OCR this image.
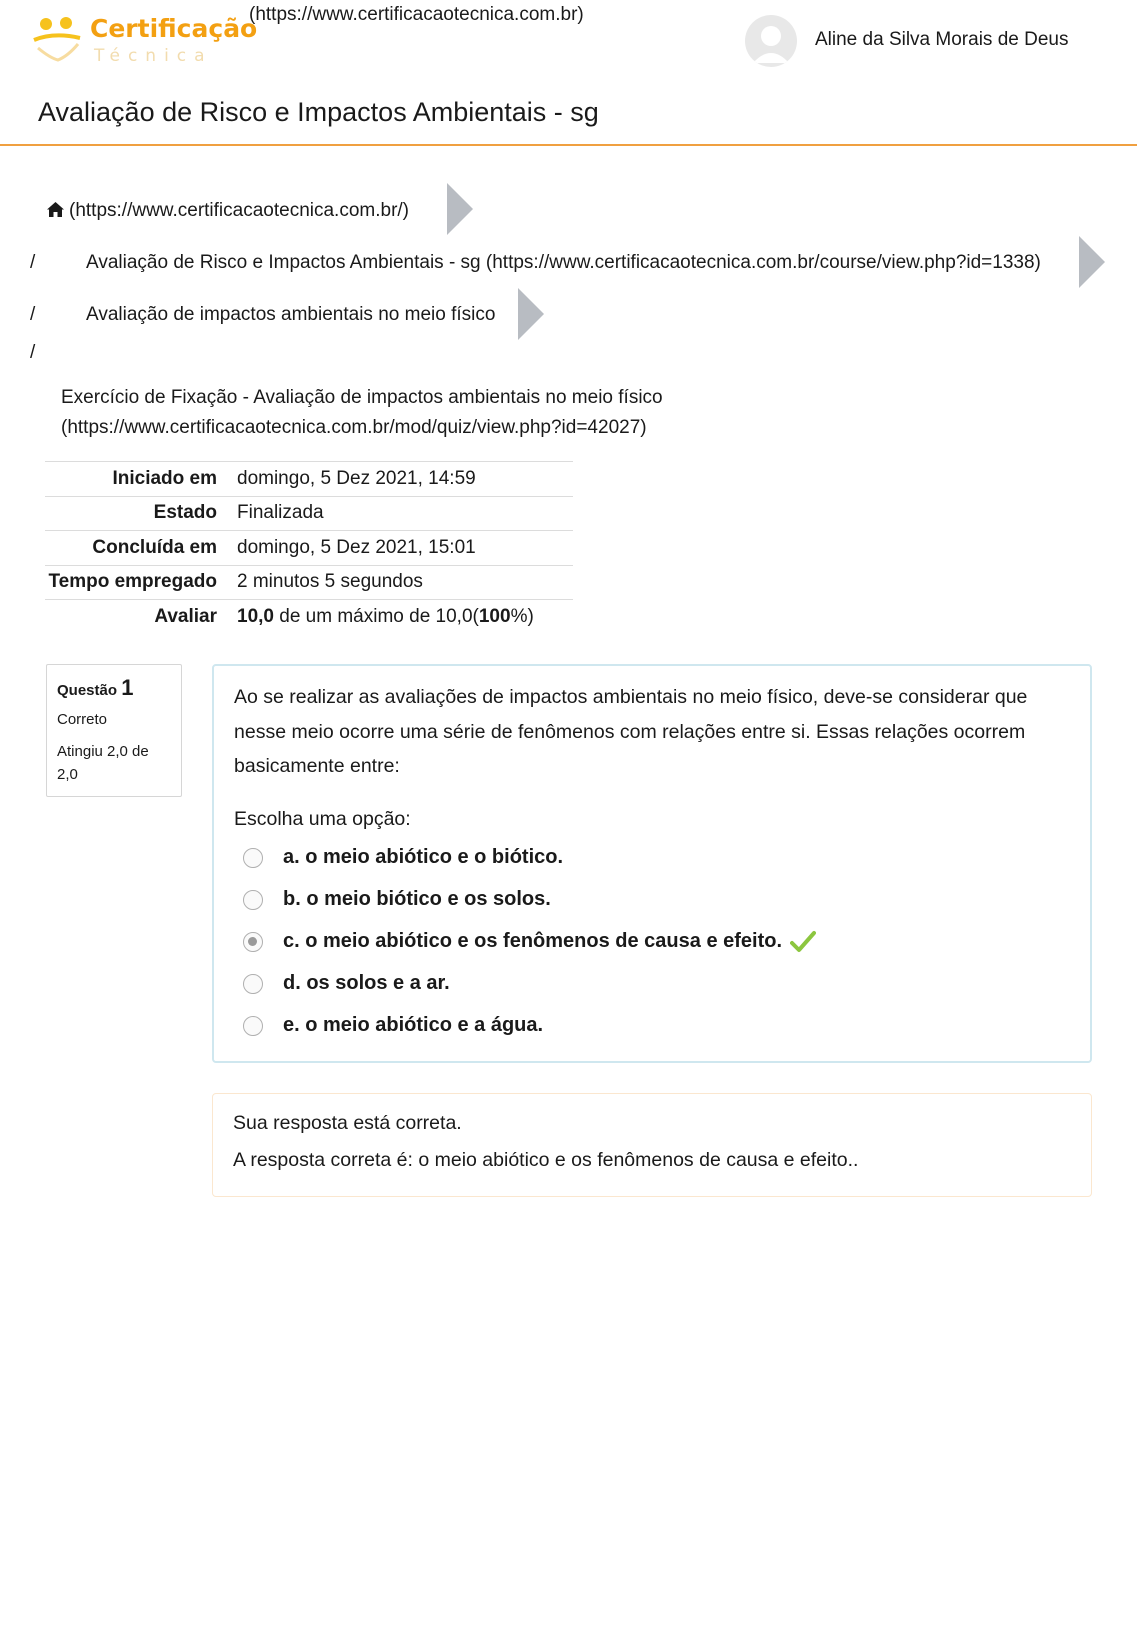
Certificação
Técnica
(https://www.certificacaotecnica.com.br)
Aline da Silva Morais de Deus
Avaliação de Risco e Impactos Ambientais - sg
(https://www.certificacaotecnica.com.br/)
/	Avaliação de Risco e Impactos Ambientais - sg (https://www.certificacaotecnica.com.br/course/view.php?id=1338)
/	Avaliação de impactos ambientais no meio físico
/
Exercício de Fixação - Avaliação de impactos ambientais no meio físico
(https://www.certificacaotecnica.com.br/mod/quiz/view.php?id=42027)
Iniciado em	domingo, 5 Dez 2021, 14:59
Estado	Finalizada
Concluída em	domingo, 5 Dez 2021, 15:01
Tempo empregado	2 minutos 5 segundos
Avaliar	10,0 de um máximo de 10,0(100%)
Questão 1
Correto
Atingiu 2,0 de 2,0
Ao se realizar as avaliações de impactos ambientais no meio físico, deve-se considerar que nesse meio ocorre uma série de fenômenos com relações entre si. Essas relações ocorrem basicamente entre:
Escolha uma opção:
a. o meio abiótico e o biótico.
b. o meio biótico e os solos.
c. o meio abiótico e os fenômenos de causa e efeito.
d. os solos e a ar.
e. o meio abiótico e a água.
Sua resposta está correta.
A resposta correta é: o meio abiótico e os fenômenos de causa e efeito..
